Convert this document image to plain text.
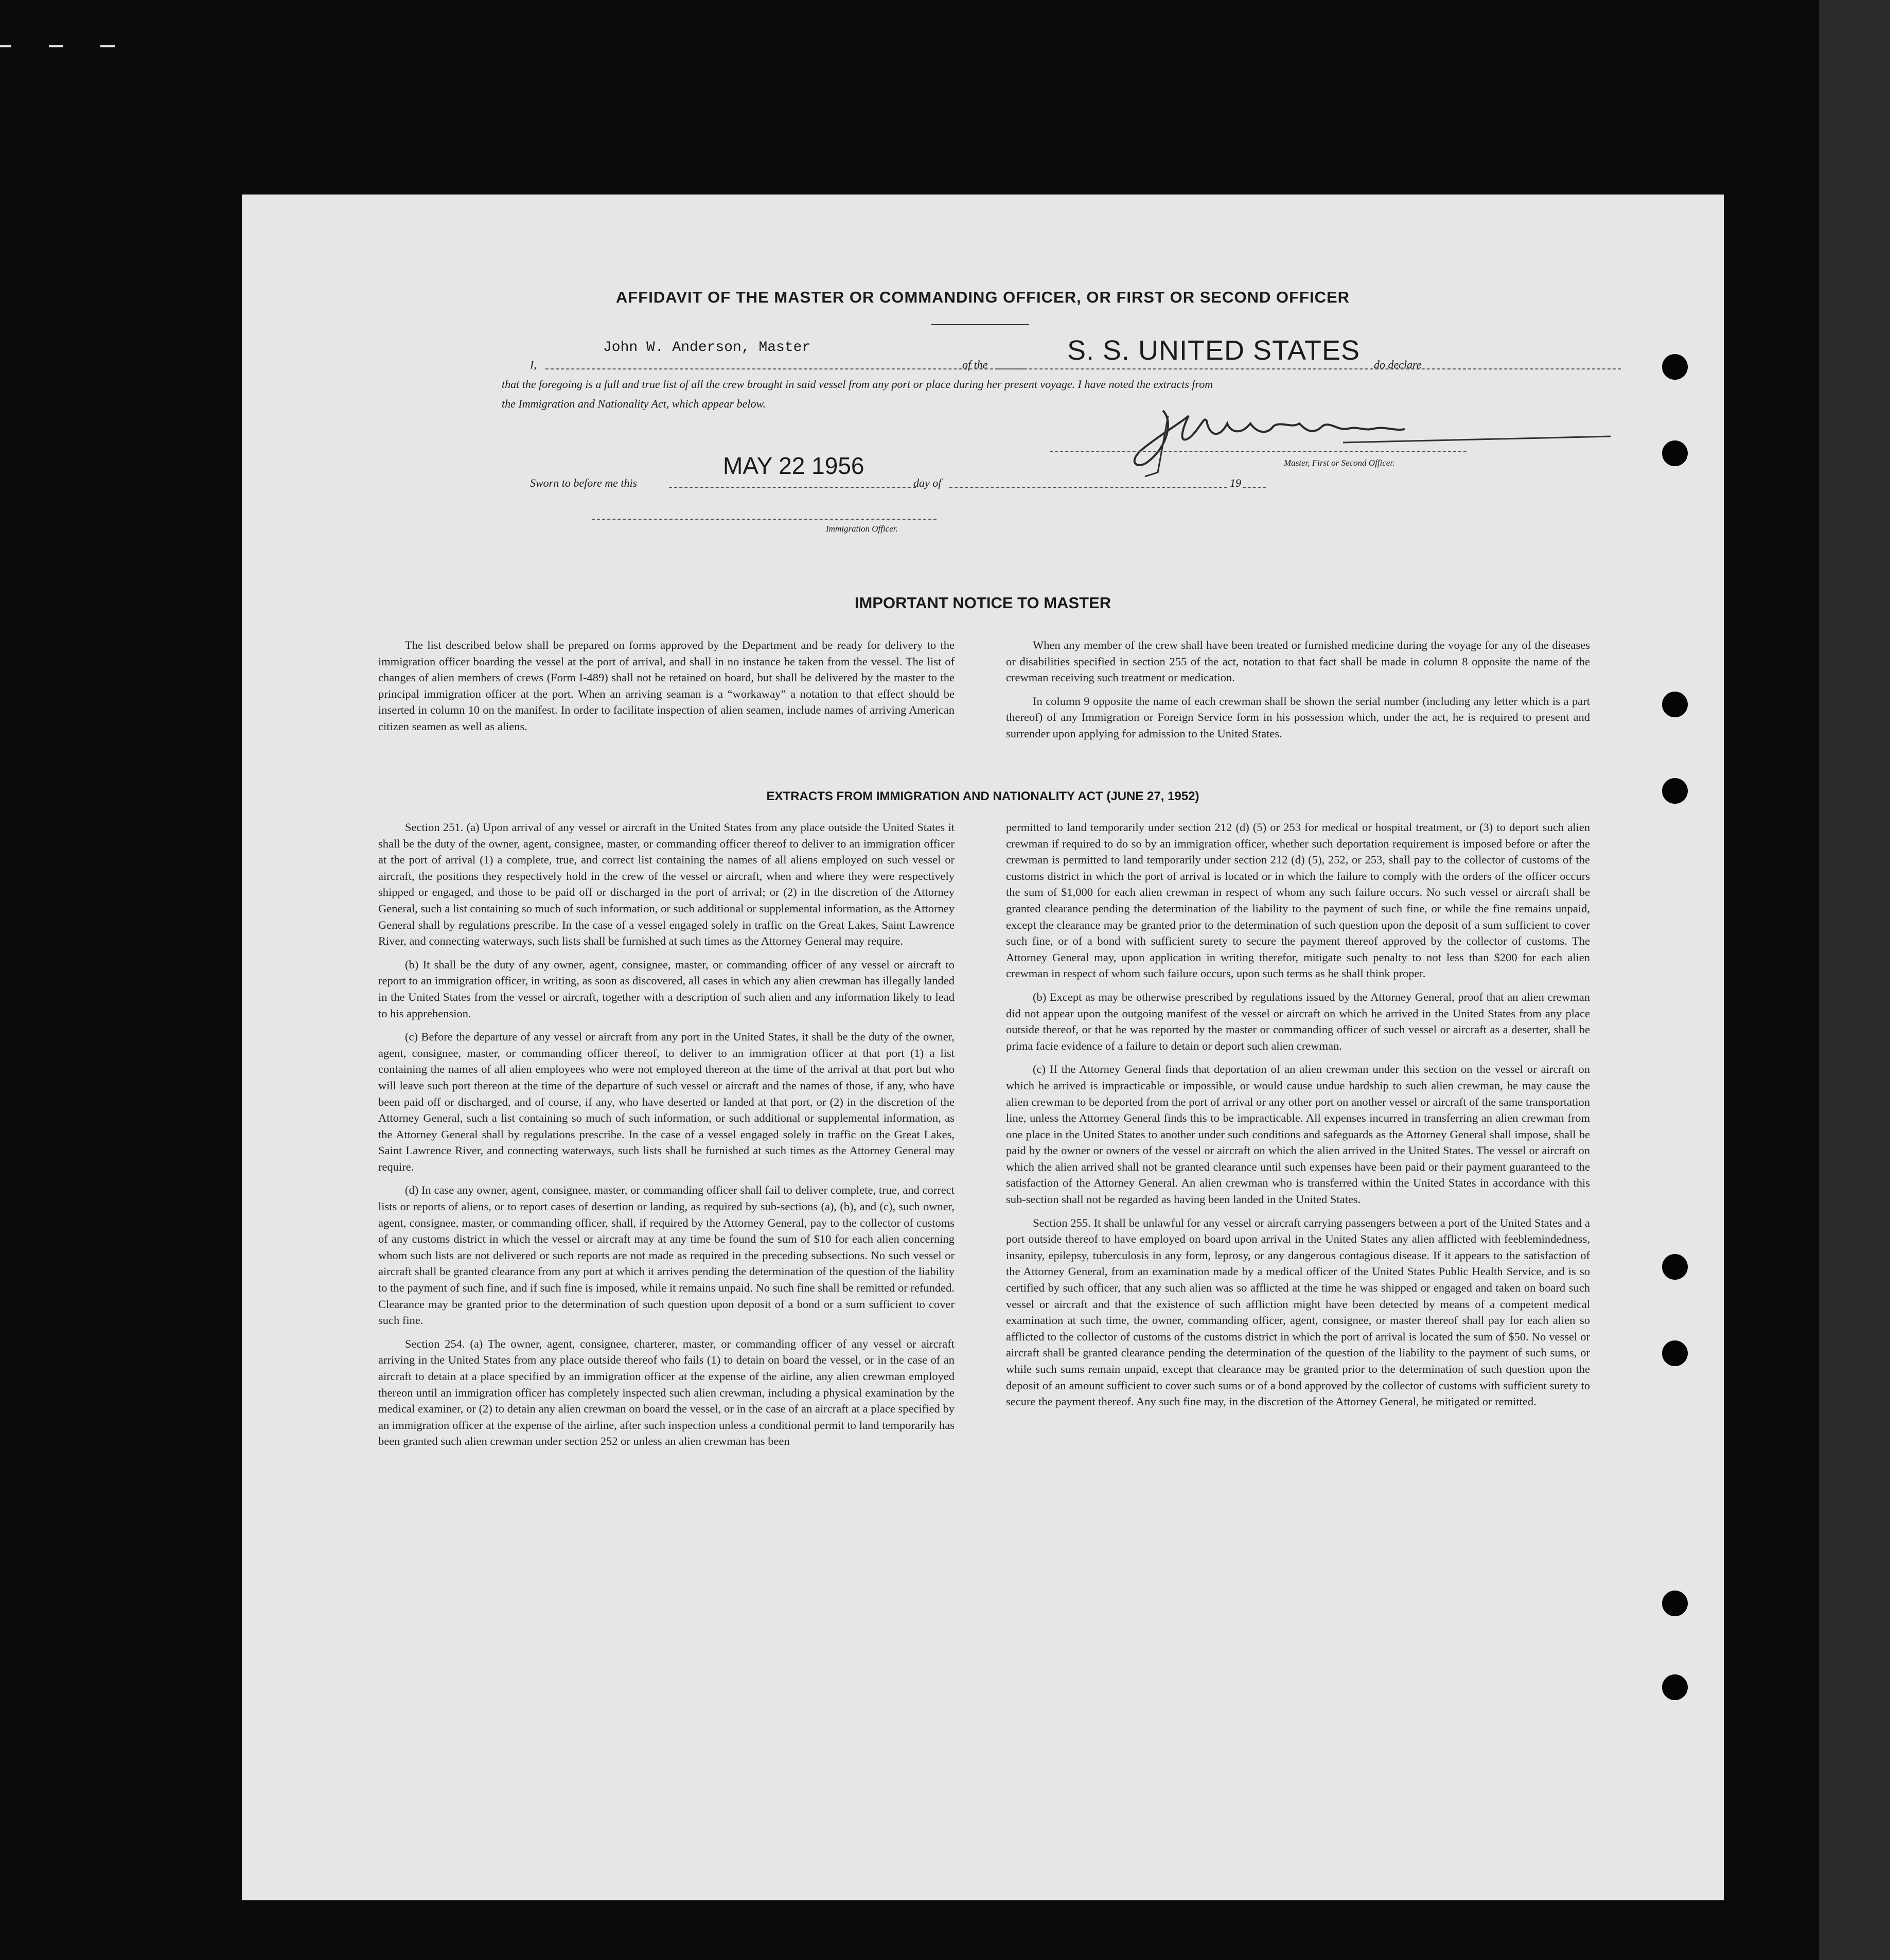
AFFIDAVIT OF THE MASTER OR COMMANDING OFFICER, OR FIRST OR SECOND OFFICER
I,
John W. Anderson, Master
of the	S. S. UNITED STATES do declare
that the foregoing is a full and true list of all the crew brought in said vessel from any port or place during her present voyage. I have noted the extracts from
the Immigration and Nationality Act, which appear below.
Master, First or Second Officer.
Sworn to before me this
MAY 22 1956
day of	19
Immigration Officer.
IMPORTANT NOTICE TO MASTER

The list described below shall be prepared on forms approved by the Department and be ready for delivery to the immigration officer boarding the vessel at the port of arrival, and shall in no instance be taken from the vessel. The list of changes of alien members of crews (Form I-489) shall not be retained on board, but shall be delivered by the master to the principal immigration officer at the port. When an arriving seaman is a “workaway” a notation to that effect should be inserted in column 10 on the manifest. In order to facilitate inspection of alien seamen, include names of arriving American citizen seamen as well as aliens.

When any member of the crew shall have been treated or furnished medicine during the voyage for any of the diseases or disabilities specified in section 255 of the act, notation to that fact shall be made in column 8 opposite the name of the crewman receiving such treatment or medication.

In column 9 opposite the name of each crewman shall be shown the serial number (including any letter which is a part thereof) of any Immigration or Foreign Service form in his possession which, under the act, he is required to present and surrender upon applying for admission to the United States.

EXTRACTS FROM IMMIGRATION AND NATIONALITY ACT (JUNE 27, 1952)

Section 251. (a) Upon arrival of any vessel or aircraft in the United States from any place outside the United States it shall be the duty of the owner, agent, consignee, master, or commanding officer thereof to deliver to an immigration officer at the port of arrival (1) a complete, true, and correct list containing the names of all aliens employed on such vessel or aircraft, the positions they respectively hold in the crew of the vessel or aircraft, when and where they were respectively shipped or engaged, and those to be paid off or discharged in the port of arrival; or (2) in the discretion of the Attorney General, such a list containing so much of such information, or such additional or supplemental information, as the Attorney General shall by regulations prescribe. In the case of a vessel engaged solely in traffic on the Great Lakes, Saint Lawrence River, and connecting waterways, such lists shall be furnished at such times as the Attorney General may require.

(b) It shall be the duty of any owner, agent, consignee, master, or commanding officer of any vessel or aircraft to report to an immigration officer, in writing, as soon as discovered, all cases in which any alien crewman has illegally landed in the United States from the vessel or aircraft, together with a description of such alien and any information likely to lead to his apprehension.

(c) Before the departure of any vessel or aircraft from any port in the United States, it shall be the duty of the owner, agent, consignee, master, or commanding officer thereof, to deliver to an immigration officer at that port (1) a list containing the names of all alien employees who were not employed thereon at the time of the arrival at that port but who will leave such port thereon at the time of the departure of such vessel or aircraft and the names of those, if any, who have been paid off or discharged, and of course, if any, who have deserted or landed at that port, or (2) in the discretion of the Attorney General, such a list containing so much of such information, or such additional or supplemental information, as the Attorney General shall by regulations prescribe. In the case of a vessel engaged solely in traffic on the Great Lakes, Saint Lawrence River, and connecting waterways, such lists shall be furnished at such times as the Attorney General may require.

(d) In case any owner, agent, consignee, master, or commanding officer shall fail to deliver complete, true, and correct lists or reports of aliens, or to report cases of desertion or landing, as required by sub-sections (a), (b), and (c), such owner, agent, consignee, master, or commanding officer, shall, if required by the Attorney General, pay to the collector of customs of any customs district in which the vessel or aircraft may at any time be found the sum of $10 for each alien concerning whom such lists are not delivered or such reports are not made as required in the preceding subsections. No such vessel or aircraft shall be granted clearance from any port at which it arrives pending the determination of the question of the liability to the payment of such fine, and if such fine is imposed, while it remains unpaid. No such fine shall be remitted or refunded. Clearance may be granted prior to the determination of such question upon deposit of a bond or a sum sufficient to cover such fine.

Section 254. (a) The owner, agent, consignee, charterer, master, or commanding officer of any vessel or aircraft arriving in the United States from any place outside thereof who fails (1) to detain on board the vessel, or in the case of an aircraft to detain at a place specified by an immigration officer at the expense of the airline, any alien crewman employed thereon until an immigration officer has completely inspected such alien crewman, including a physical examination by the medical examiner, or (2) to detain any alien crewman on board the vessel, or in the case of an aircraft at a place specified by an immigration officer at the expense of the airline, after such inspection unless a conditional permit to land temporarily has been granted such alien crewman under section 252 or unless an alien crewman has been

permitted to land temporarily under section 212 (d) (5) or 253 for medical or hospital treatment, or (3) to deport such alien crewman if required to do so by an immigration officer, whether such deportation requirement is imposed before or after the crewman is permitted to land temporarily under section 212 (d) (5), 252, or 253, shall pay to the collector of customs of the customs district in which the port of arrival is located or in which the failure to comply with the orders of the officer occurs the sum of $1,000 for each alien crewman in respect of whom any such failure occurs. No such vessel or aircraft shall be granted clearance pending the determination of the liability to the payment of such fine, or while the fine remains unpaid, except the clearance may be granted prior to the determination of such question upon the deposit of a sum sufficient to cover such fine, or of a bond with sufficient surety to secure the payment thereof approved by the collector of customs. The Attorney General may, upon application in writing therefor, mitigate such penalty to not less than $200 for each alien crewman in respect of whom such failure occurs, upon such terms as he shall think proper.

(b) Except as may be otherwise prescribed by regulations issued by the Attorney General, proof that an alien crewman did not appear upon the outgoing manifest of the vessel or aircraft on which he arrived in the United States from any place outside thereof, or that he was reported by the master or commanding officer of such vessel or aircraft as a deserter, shall be prima facie evidence of a failure to detain or deport such alien crewman.

(c) If the Attorney General finds that deportation of an alien crewman under this section on the vessel or aircraft on which he arrived is impracticable or impossible, or would cause undue hardship to such alien crewman, he may cause the alien crewman to be deported from the port of arrival or any other port on another vessel or aircraft of the same transportation line, unless the Attorney General finds this to be impracticable. All expenses incurred in transferring an alien crewman from one place in the United States to another under such conditions and safeguards as the Attorney General shall impose, shall be paid by the owner or owners of the vessel or aircraft on which the alien arrived in the United States. The vessel or aircraft on which the alien arrived shall not be granted clearance until such expenses have been paid or their payment guaranteed to the satisfaction of the Attorney General. An alien crewman who is transferred within the United States in accordance with this sub-section shall not be regarded as having been landed in the United States.

Section 255. It shall be unlawful for any vessel or aircraft carrying passengers between a port of the United States and a port outside thereof to have employed on board upon arrival in the United States any alien afflicted with feeblemindedness, insanity, epilepsy, tuberculosis in any form, leprosy, or any dangerous contagious disease. If it appears to the satisfaction of the Attorney General, from an examination made by a medical officer of the United States Public Health Service, and is so certified by such officer, that any such alien was so afflicted at the time he was shipped or engaged and taken on board such vessel or aircraft and that the existence of such affliction might have been detected by means of a competent medical examination at such time, the owner, commanding officer, agent, consignee, or master thereof shall pay for each alien so afflicted to the collector of customs of the customs district in which the port of arrival is located the sum of $50. No vessel or aircraft shall be granted clearance pending the determination of the question of the liability to the payment of such sums, or while such sums remain unpaid, except that clearance may be granted prior to the determination of such question upon the deposit of an amount sufficient to cover such sums or of a bond approved by the collector of customs with sufficient surety to secure the payment thereof. Any such fine may, in the discretion of the Attorney General, be mitigated or remitted.
